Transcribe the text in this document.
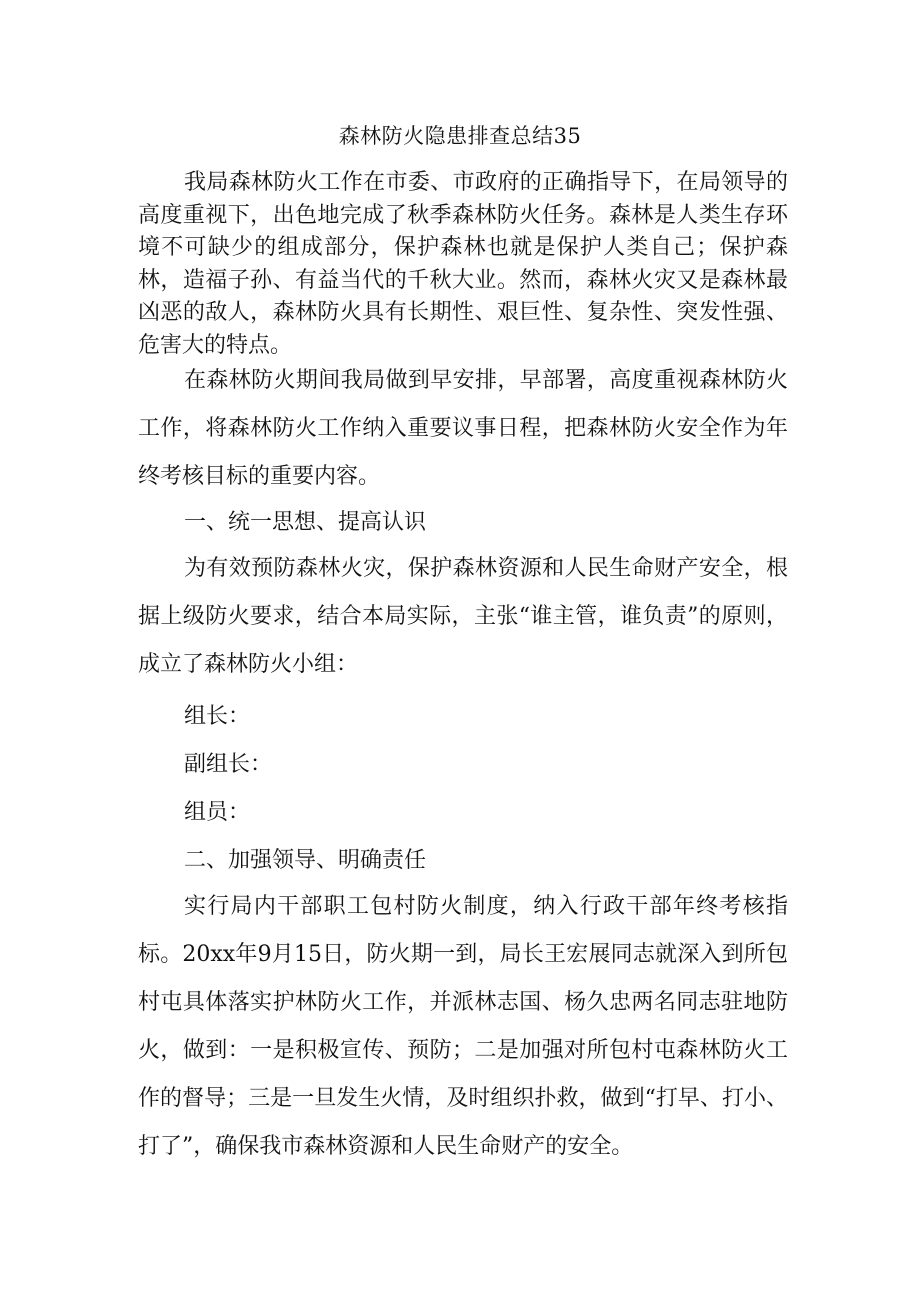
森林防火隐患排查总结35
我局森林防火工作在市委、市政府的正确指导下，在局领导的高度重视下，出色地完成了秋季森林防火任务。森林是人类生存环境不可缺少的组成部分，保护森林也就是保护人类自己；保护森林，造福子孙、有益当代的千秋大业。然而，森林火灾又是森林最凶恶的敌人，森林防火具有长期性、艰巨性、复杂性、突发性强、危害大的特点。
在森林防火期间我局做到早安排，早部署，高度重视森林防火工作，将森林防火工作纳入重要议事日程，把森林防火安全作为年终考核目标的重要内容。
一、统一思想、提高认识
为有效预防森林火灾，保护森林资源和人民生命财产安全，根据上级防火要求，结合本局实际，主张“谁主管，谁负责”的原则，成立了森林防火小组：
组长：
副组长：
组员：
二、加强领导、明确责任
实行局内干部职工包村防火制度，纳入行政干部年终考核指标。20xx年9月15日，防火期一到，局长王宏展同志就深入到所包村屯具体落实护林防火工作，并派林志国、杨久忠两名同志驻地防火，做到：一是积极宣传、预防；二是加强对所包村屯森林防火工作的督导；三是一旦发生火情，及时组织扑救，做到“打早、打小、打了”，确保我市森林资源和人民生命财产的安全。
